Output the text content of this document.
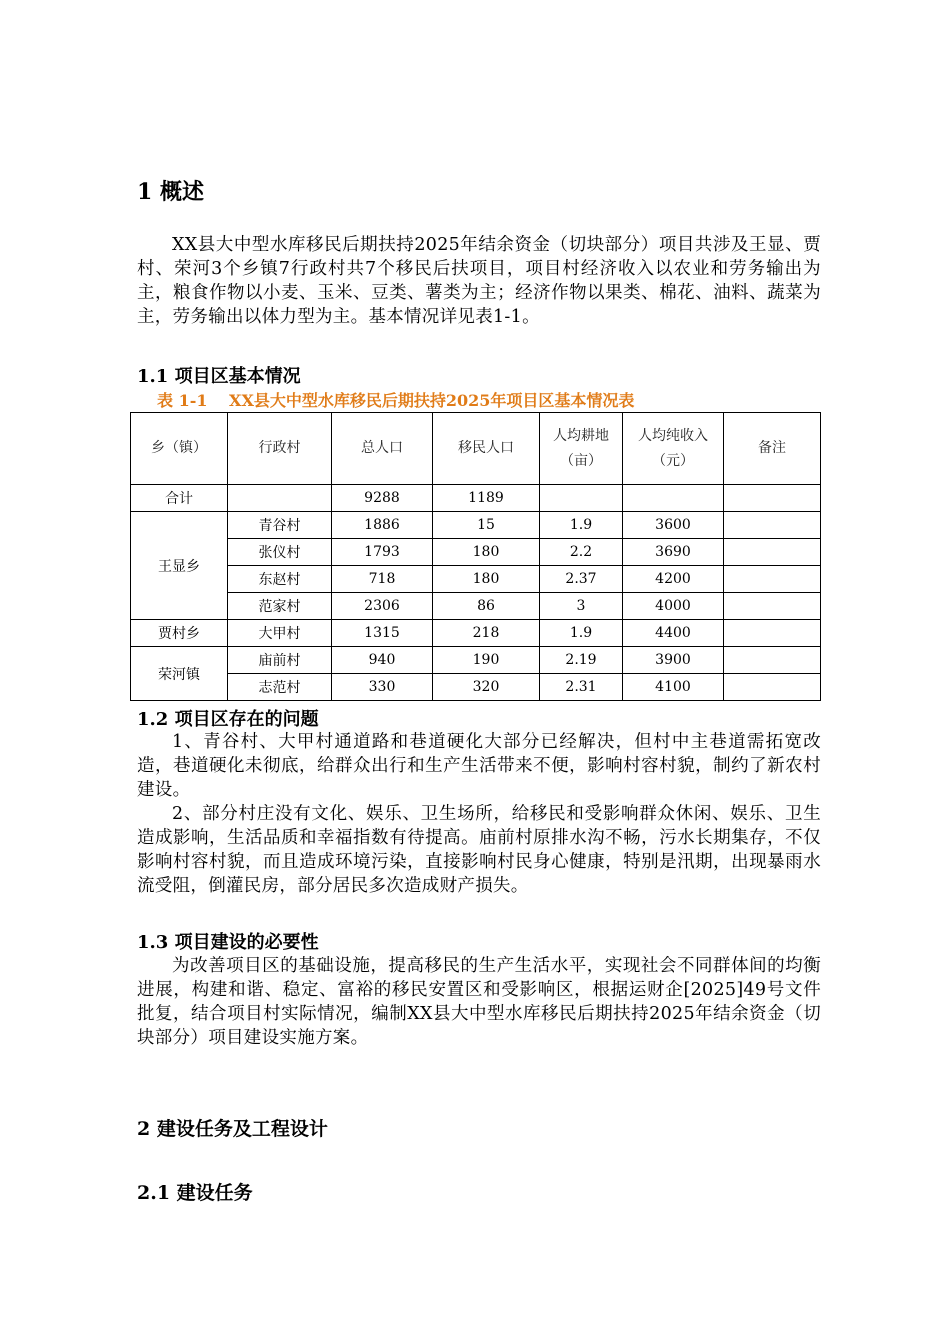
1 概述

XX县大中型水库移民后期扶持2025年结余资金（切块部分）项目共涉及王显、贾村、荣河3个乡镇7行政村共7个移民后扶项目，项目村经济收入以农业和劳务输出为主，粮食作物以小麦、玉米、豆类、薯类为主；经济作物以果类、棉花、油料、蔬菜为主，劳务输出以体力型为主。基本情况详见表1-1。

1.1 项目区基本情况
表 1-1　 XX县大中型水库移民后期扶持2025年项目区基本情况表
乡（镇）	行政村	总人口	移民人口	人均耕地（亩）	人均纯收入（元）	备注
合计		9288	1189			
王显乡	青谷村	1886	15	1.9	3600	
	张仪村	1793	180	2.2	3690	
	东赵村	718	180	2.37	4200	
	范家村	2306	86	3	4000	
贾村乡	大甲村	1315	218	1.9	4400	
荣河镇	庙前村	940	190	2.19	3900	
	志范村	330	320	2.31	4100	
1.2 项目区存在的问题

1、青谷村、大甲村通道路和巷道硬化大部分已经解决，但村中主巷道需拓宽改造，巷道硬化未彻底，给群众出行和生产生活带来不便，影响村容村貌，制约了新农村建设。

2、部分村庄没有文化、娱乐、卫生场所，给移民和受影响群众休闲、娱乐、卫生造成影响，生活品质和幸福指数有待提高。庙前村原排水沟不畅，污水长期集存，不仅影响村容村貌，而且造成环境污染，直接影响村民身心健康，特别是汛期，出现暴雨水流受阻，倒灌民房，部分居民多次造成财产损失。

1.3 项目建设的必要性

为改善项目区的基础设施，提高移民的生产生活水平，实现社会不同群体间的均衡进展，构建和谐、稳定、富裕的移民安置区和受影响区，根据运财企[2025]49号文件批复，结合项目村实际情况，编制XX县大中型水库移民后期扶持2025年结余资金（切块部分）项目建设实施方案。

2 建设任务及工程设计
2.1 建设任务
